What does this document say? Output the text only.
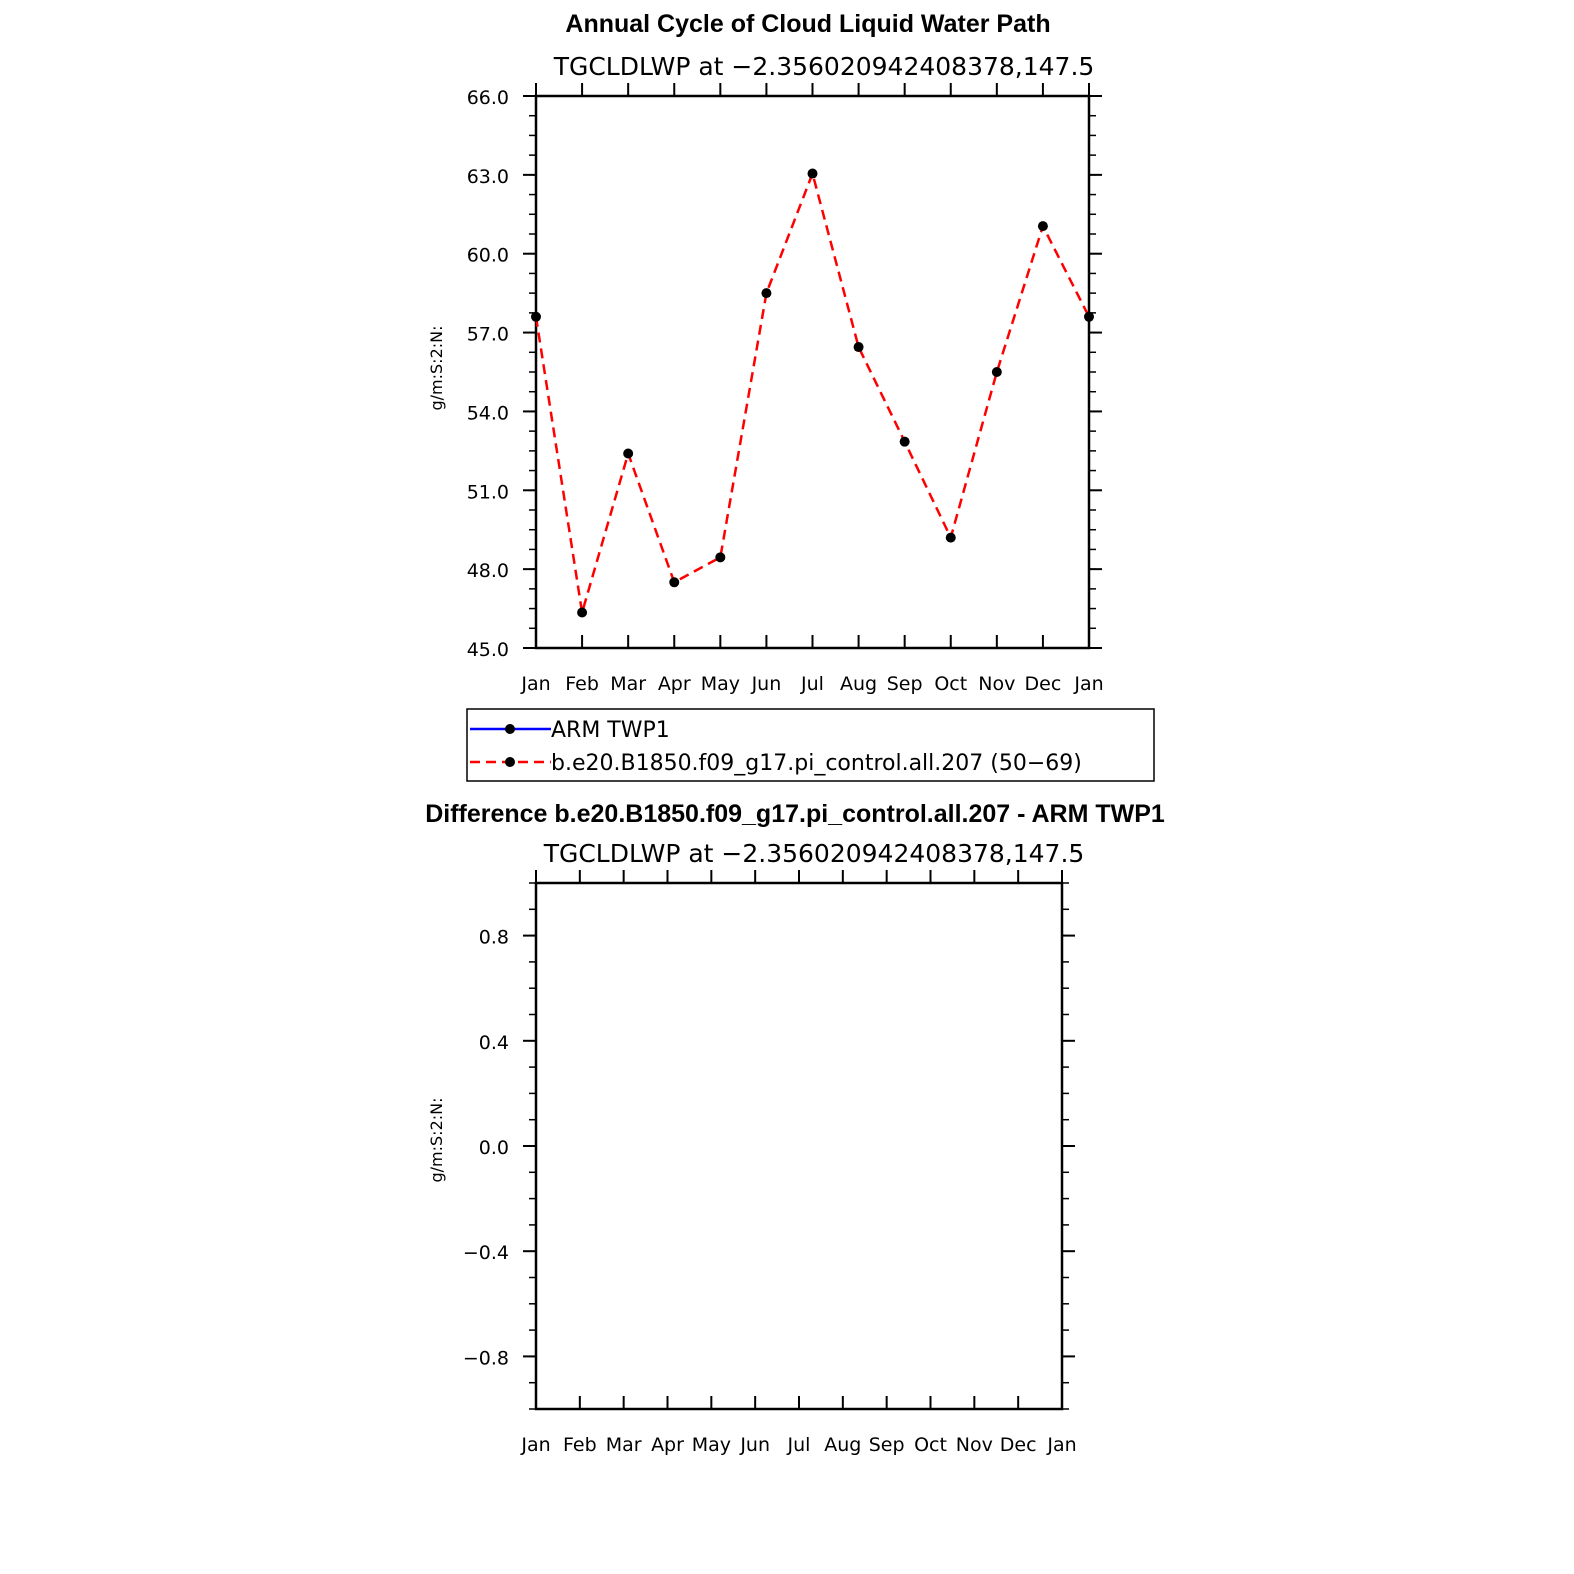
Annual Cycle of Cloud Liquid Water Path
TGCLDLWP at −2.356020942408378,147.5
Jan Feb Mar Apr May Jun Jul Aug Sep Oct Nov Dec Jan
45.0
48.0
51.0
54.0
57.0
60.0
63.0
66.0
g/m:S:2:N:
ARM TWP1
b.e20.B1850.f09_g17.pi_control.all.207 (50−69)
Difference b.e20.B1850.f09_g17.pi_control.all.207 - ARM TWP1
TGCLDLWP at −2.356020942408378,147.5
Jan Feb Mar Apr May Jun Jul Aug Sep Oct Nov Dec Jan
−0.8
−0.4
0.0
0.4
0.8
g/m:S:2:N:
